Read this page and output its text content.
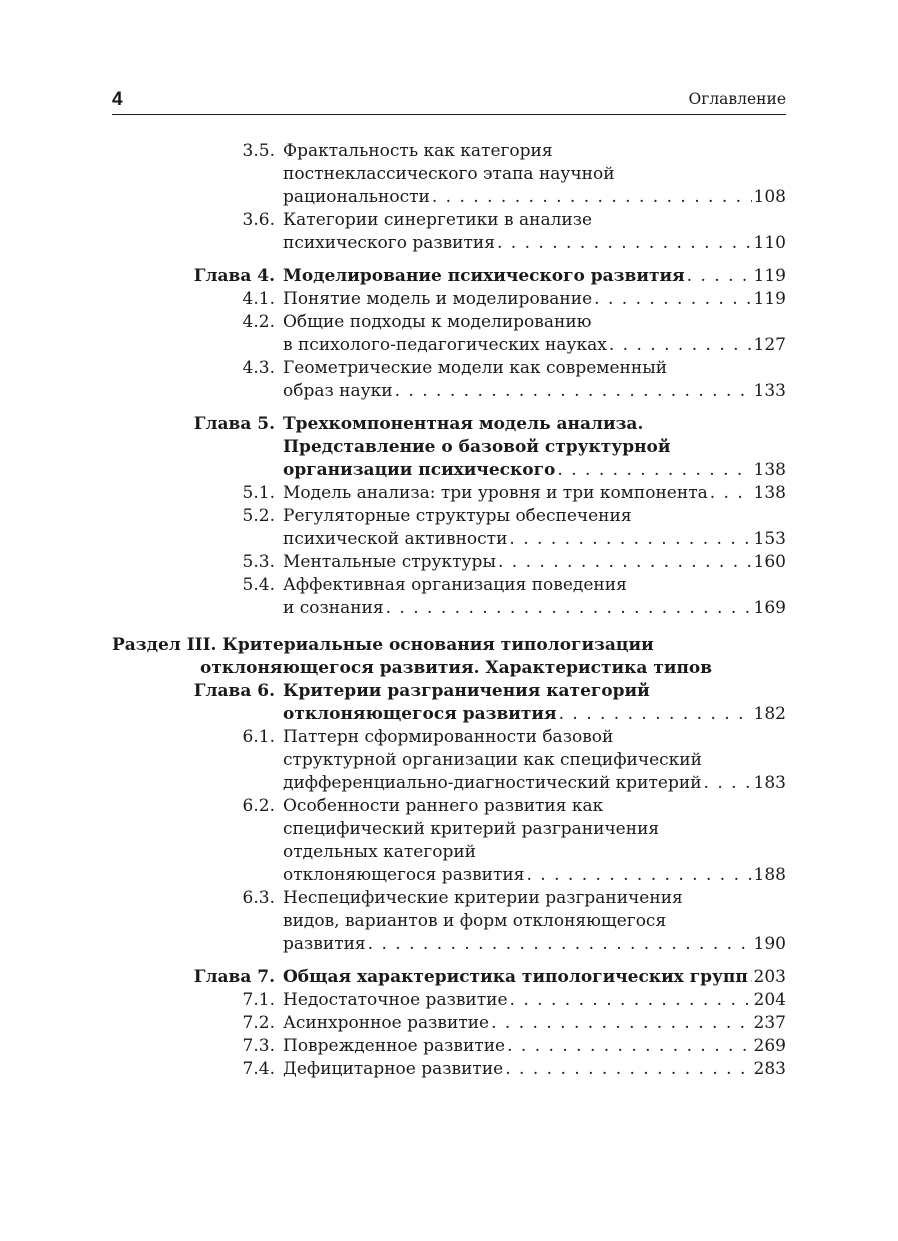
4	Оглавление
3.5. Фрактальность как категория
постнеклассического этапа научной
рациональности . . .	108
3.6. Категории синергетики в анализе
психического развития . . .	110
Глава 4. Моделирование психического развития . . .	119
4.1. Понятие модель и моделирование . . .	119
4.2. Общие подходы к моделированию
в психолого-педагогических науках . . .	127
4.3. Геометрические модели как современный
образ науки . . .	133
Глава 5. Трехкомпонентная модель анализа.
Представление о базовой структурной
организации психического . . .	138
5.1. Модель анализа: три уровня и три компонента . . .	138
5.2. Регуляторные структуры обеспечения
психической активности . . .	153
5.3. Ментальные структуры . . .	160
5.4. Аффективная организация поведения
и сознания . . .	169
Раздел III. Критериальные основания типологизации
отклоняющегося развития. Характеристика типов
Глава 6. Критерии разграничения категорий
отклоняющегося развития . . .	182
6.1. Паттерн сформированности базовой
структурной организации как специфический
дифференциально-диагностический критерий . . .	183
6.2. Особенности раннего развития как
специфический критерий разграничения
отдельных категорий
отклоняющегося развития . . .	188
6.3. Неспецифические критерии разграничения
видов, вариантов и форм отклоняющегося
развития . . .	190
Глава 7. Общая характеристика типологических групп . . . 203
7.1. Недостаточное развитие . . .	204
7.2. Асинхронное развитие . . .	237
7.3. Поврежденное развитие . . .	269
7.4. Дефицитарное развитие . . .	283
